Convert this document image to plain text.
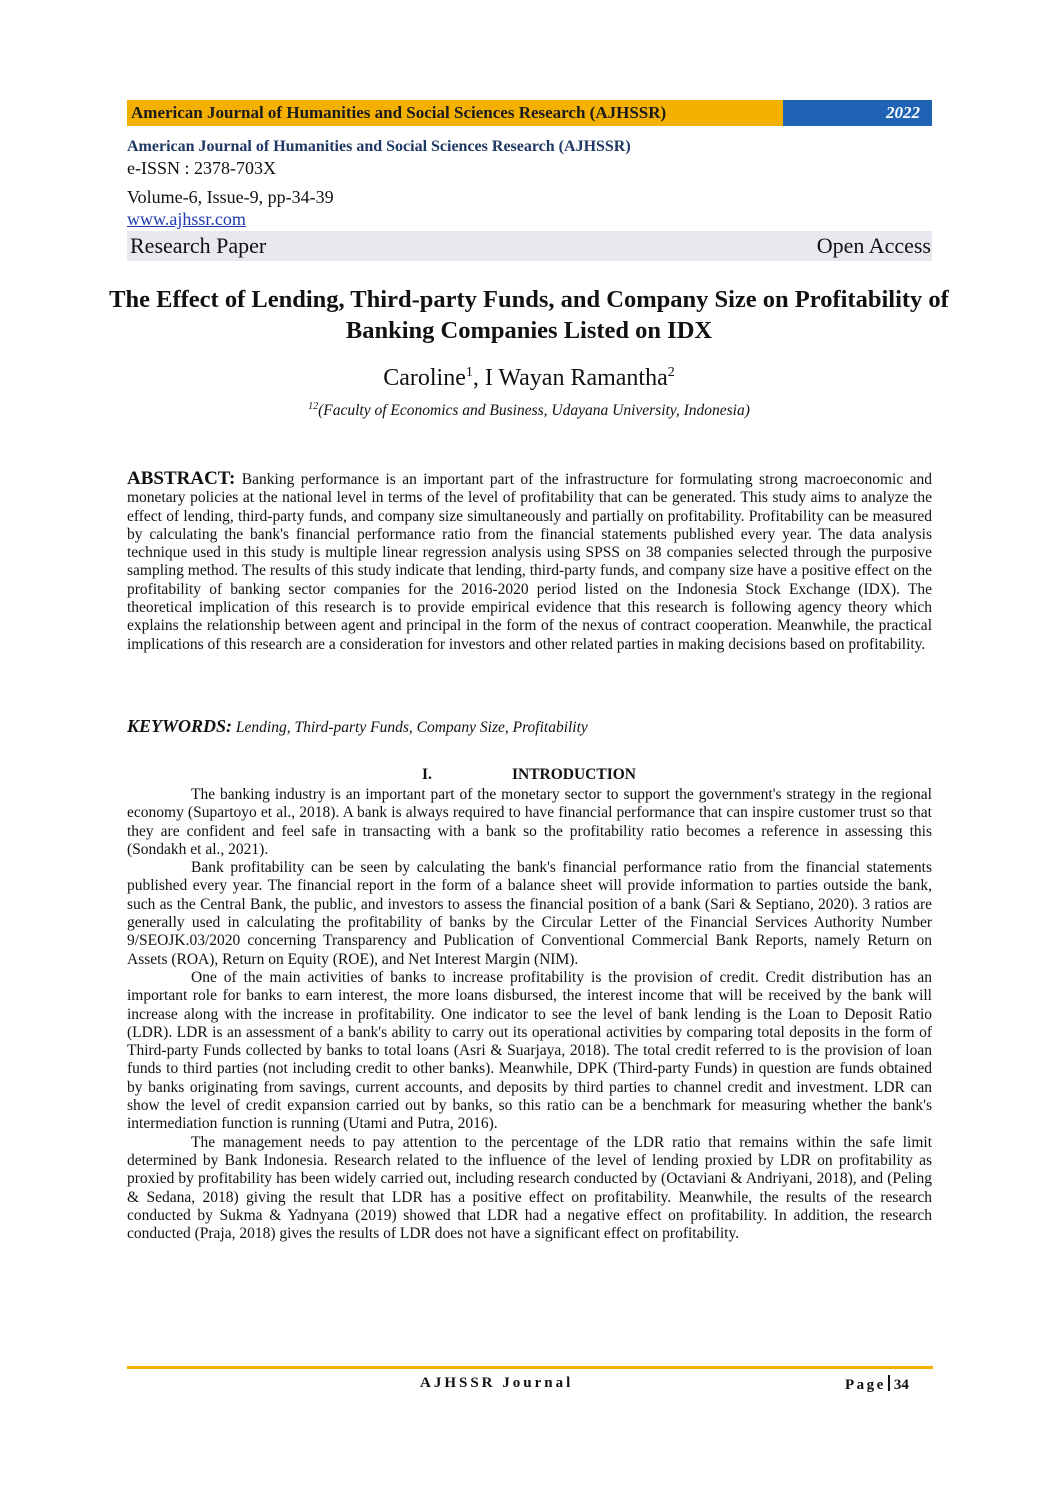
American Journal of Humanities and Social Sciences Research (AJHSSR)	2022
American Journal of Humanities and Social Sciences Research (AJHSSR)
e-ISSN : 2378-703X
Volume-6, Issue-9, pp-34-39
www.ajhssr.com
Research Paper	Open Access
The Effect of Lending, Third-party Funds, and Company Size on Profitability of Banking Companies Listed on IDX
Caroline$^1$, I Wayan Ramantha$^2$
$^{12}$(Faculty of Economics and Business, Udayana University, Indonesia)
ABSTRACT: Banking performance is an important part of the infrastructure for formulating strong macroeconomic and monetary policies at the national level in terms of the level of profitability that can be generated. This study aims to analyze the effect of lending, third-party funds, and company size simultaneously and partially on profitability. Profitability can be measured by calculating the bank's financial performance ratio from the financial statements published every year. The data analysis technique used in this study is multiple linear regression analysis using SPSS on 38 companies selected through the purposive sampling method. The results of this study indicate that lending, third-party funds, and company size have a positive effect on the profitability of banking sector companies for the 2016-2020 period listed on the Indonesia Stock Exchange (IDX). The theoretical implication of this research is to provide empirical evidence that this research is following agency theory which explains the relationship between agent and principal in the form of the nexus of contract cooperation. Meanwhile, the practical implications of this research are a consideration for investors and other related parties in making decisions based on profitability.
KEYWORDS: Lending, Third-party Funds, Company Size, Profitability
I.	INTRODUCTION

The banking industry is an important part of the monetary sector to support the government's strategy in the regional economy (Supartoyo et al., 2018). A bank is always required to have financial performance that can inspire customer trust so that they are confident and feel safe in transacting with a bank so the profitability ratio becomes a reference in assessing this (Sondakh et al., 2021).

Bank profitability can be seen by calculating the bank's financial performance ratio from the financial statements published every year. The financial report in the form of a balance sheet will provide information to parties outside the bank, such as the Central Bank, the public, and investors to assess the financial position of a bank (Sari & Septiano, 2020). 3 ratios are generally used in calculating the profitability of banks by the Circular Letter of the Financial Services Authority Number 9/SEOJK.03/2020 concerning Transparency and Publication of Conventional Commercial Bank Reports, namely Return on Assets (ROA), Return on Equity (ROE), and Net Interest Margin (NIM).

One of the main activities of banks to increase profitability is the provision of credit. Credit distribution has an important role for banks to earn interest, the more loans disbursed, the interest income that will be received by the bank will increase along with the increase in profitability. One indicator to see the level of bank lending is the Loan to Deposit Ratio (LDR). LDR is an assessment of a bank's ability to carry out its operational activities by comparing total deposits in the form of Third-party Funds collected by banks to total loans (Asri & Suarjaya, 2018). The total credit referred to is the provision of loan funds to third parties (not including credit to other banks). Meanwhile, DPK (Third-party Funds) in question are funds obtained by banks originating from savings, current accounts, and deposits by third parties to channel credit and investment. LDR can show the level of credit expansion carried out by banks, so this ratio can be a benchmark for measuring whether the bank's intermediation function is running (Utami and Putra, 2016).

The management needs to pay attention to the percentage of the LDR ratio that remains within the safe limit determined by Bank Indonesia. Research related to the influence of the level of lending proxied by LDR on profitability as proxied by profitability has been widely carried out, including research conducted by (Octaviani & Andriyani, 2018), and (Peling & Sedana, 2018) giving the result that LDR has a positive effect on profitability. Meanwhile, the results of the research conducted by Sukma & Yadnyana (2019) showed that LDR had a negative effect on profitability. In addition, the research conducted (Praja, 2018) gives the results of LDR does not have a significant effect on profitability.

AJHSSR Journal	Page 34
